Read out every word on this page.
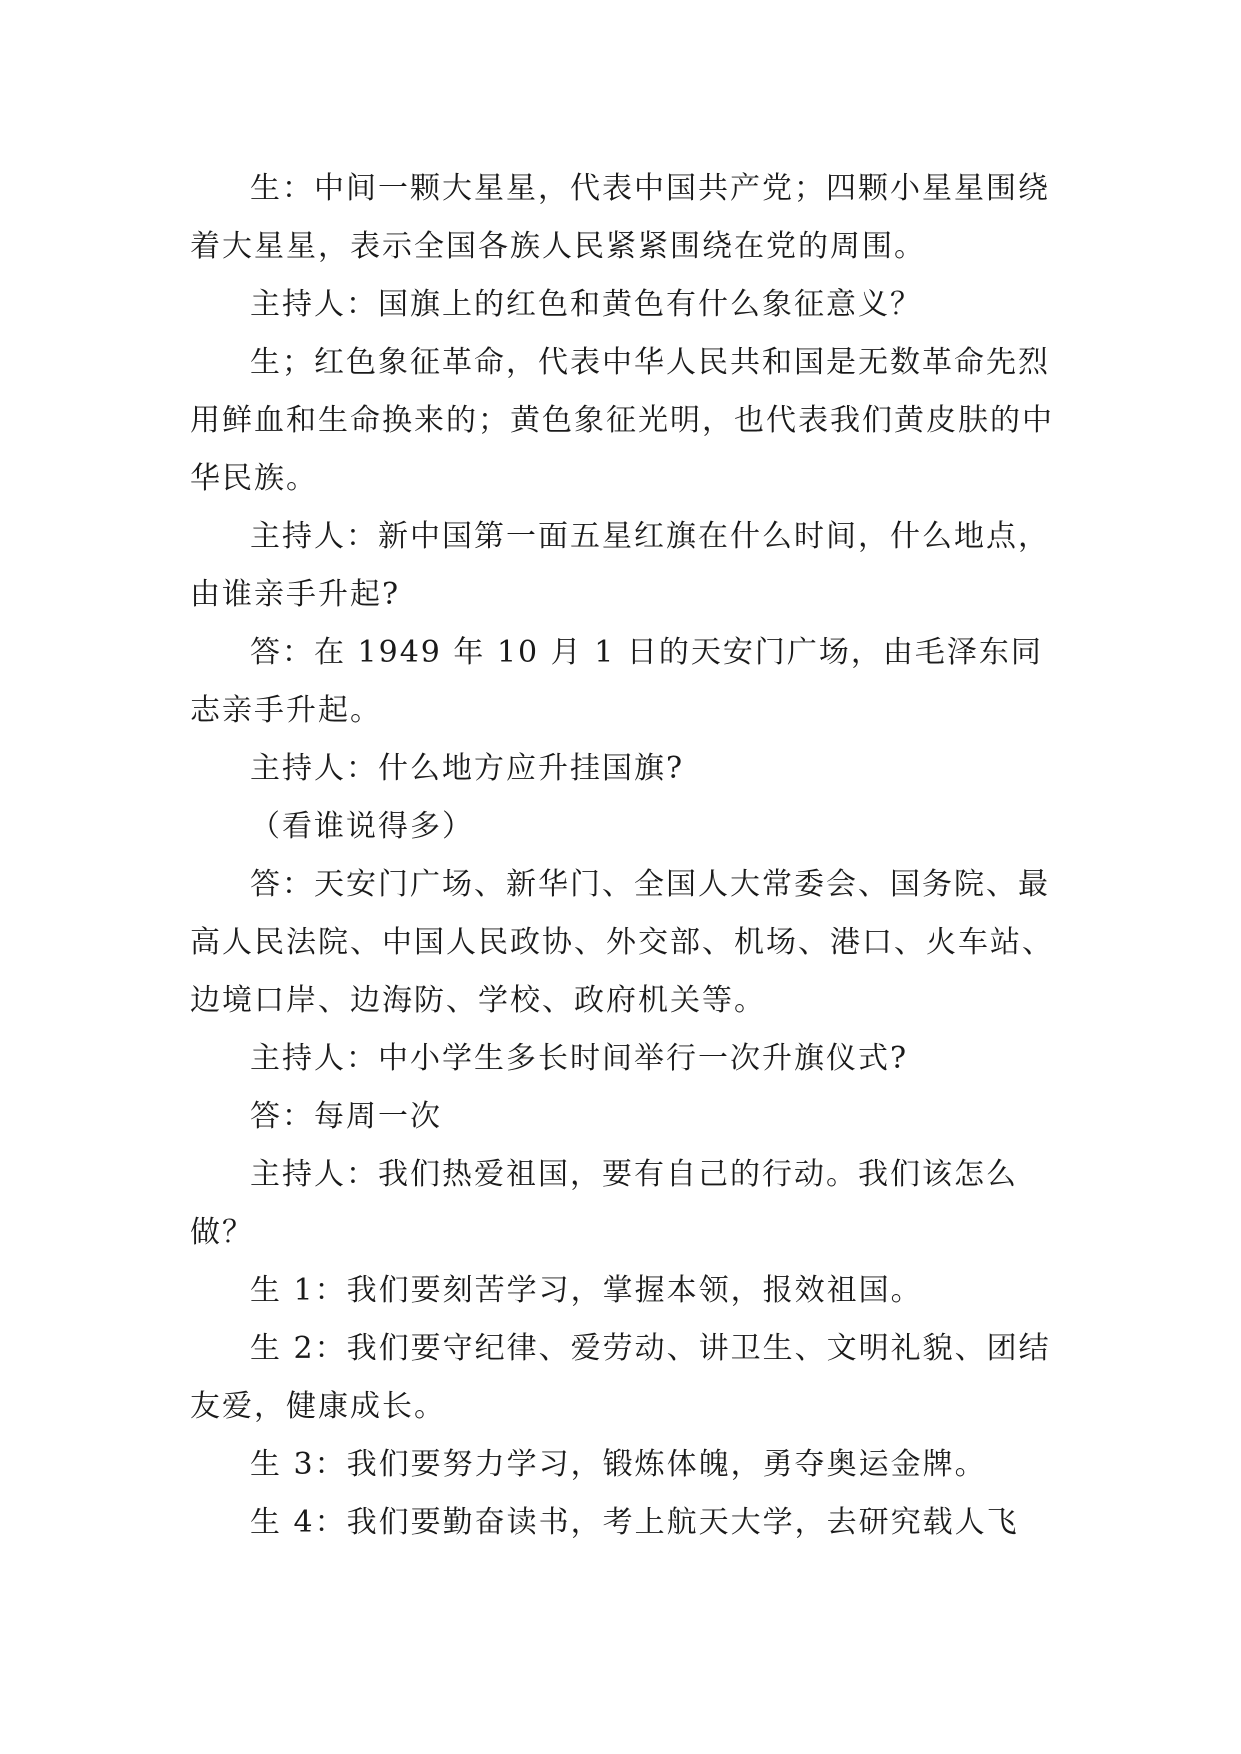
生：中间一颗大星星，代表中国共产党；四颗小星星围绕着大星星，表示全国各族人民紧紧围绕在党的周围。

主持人：国旗上的红色和黄色有什么象征意义？

生；红色象征革命，代表中华人民共和国是无数革命先烈用鲜血和生命换来的；黄色象征光明，也代表我们黄皮肤的中华民族。

主持人：新中国第一面五星红旗在什么时间，什么地点，由谁亲手升起?

答：在 1949 年 10 月 1 日的天安门广场，由毛泽东同志亲手升起。

主持人：什么地方应升挂国旗?

（看谁说得多）

答：天安门广场、新华门、全国人大常委会、国务院、最高人民法院、中国人民政协、外交部、机场、港口、火车站、边境口岸、边海防、学校、政府机关等。

主持人：中小学生多长时间举行一次升旗仪式?

答：每周一次

主持人：我们热爱祖国，要有自己的行动。我们该怎么做？

生 1：我们要刻苦学习，掌握本领，报效祖国。

生 2：我们要守纪律、爱劳动、讲卫生、文明礼貌、团结友爱，健康成长。

生 3：我们要努力学习，锻炼体魄，勇夺奥运金牌。

生 4：我们要勤奋读书，考上航天大学，去研究载人飞
